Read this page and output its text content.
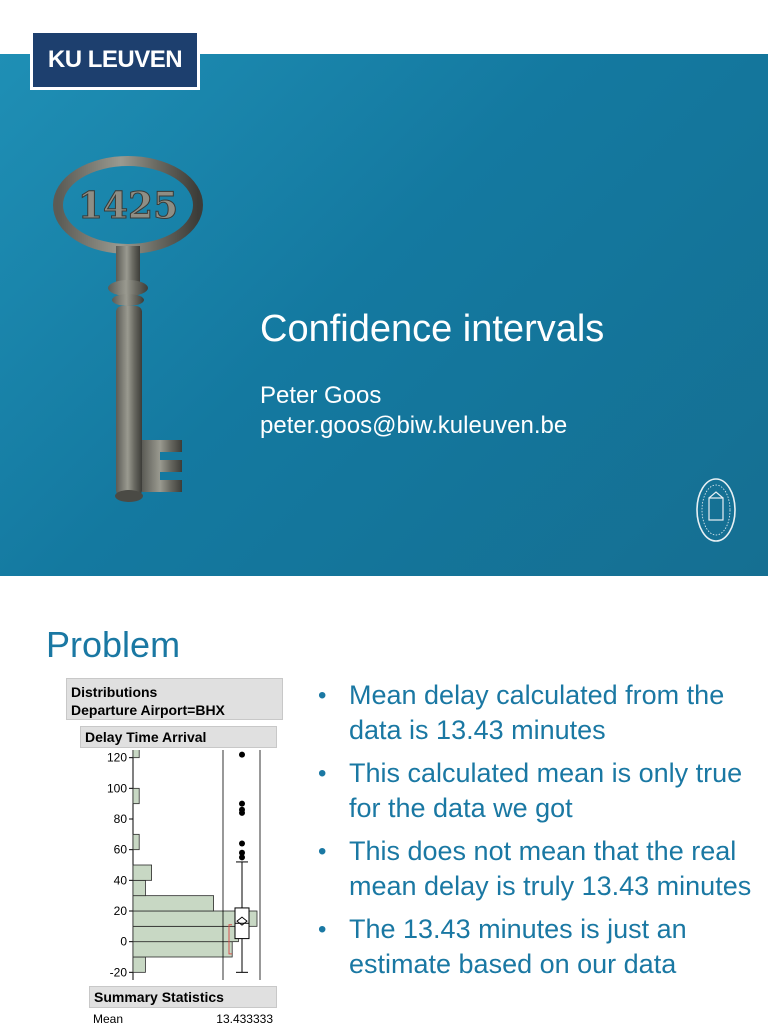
KU LEUVEN
1425
Confidence intervals
Peter Goos
peter.goos@biw.kuleuven.be
Problem
Distributions
Departure Airport=BHX
Delay Time Arrival
120
100
80
60
40
20
0
-20
Summary Statistics
Mean	13.433333
• Mean delay calculated from the data is 13.43 minutes
• This calculated mean is only true for the data we got
• This does not mean that the real mean delay is truly 13.43 minutes
• The 13.43 minutes is just an estimate based on our data
